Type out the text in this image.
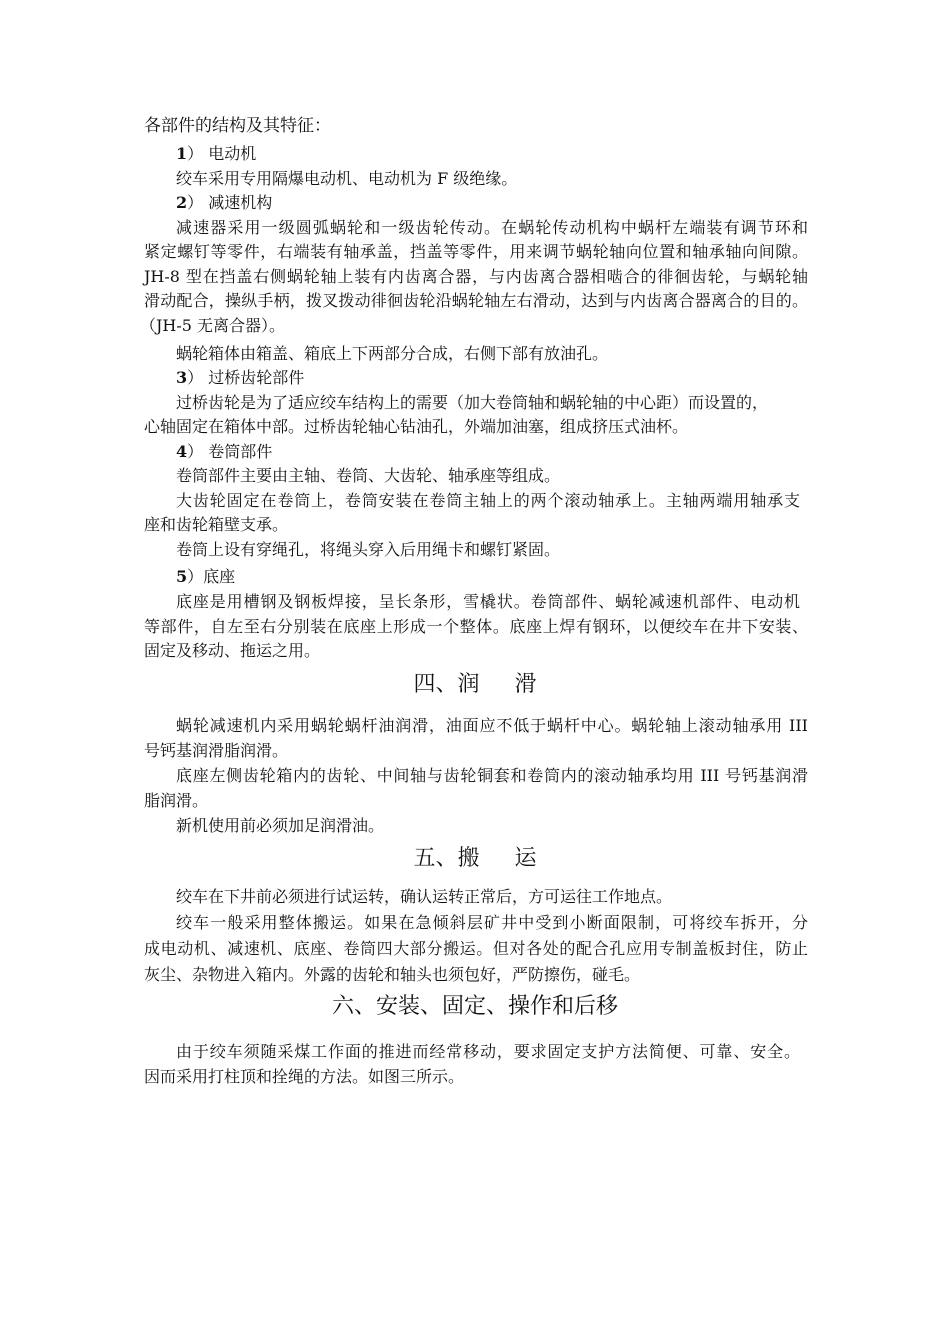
各部件的结构及其特征：
1） 电动机
绞车采用专用隔爆电动机、电动机为 F 级绝缘。
2） 减速机构
减速器采用一级圆弧蜗轮和一级齿轮传动。在蜗轮传动机构中蜗杆左端装有调节环和
紧定螺钉等零件，右端装有轴承盖，挡盖等零件，用来调节蜗轮轴向位置和轴承轴向间隙。
JH-8 型在挡盖右侧蜗轮轴上装有内齿离合器，与内齿离合器相啮合的徘徊齿轮，与蜗轮轴
滑动配合，操纵手柄，拨叉拨动徘徊齿轮沿蜗轮轴左右滑动，达到与内齿离合器离合的目的。
（JH-5 无离合器）。
蜗轮箱体由箱盖、箱底上下两部分合成，右侧下部有放油孔。
3） 过桥齿轮部件
过桥齿轮是为了适应绞车结构上的需要（加大卷筒轴和蜗轮轴的中心距）而设置的，
心轴固定在箱体中部。过桥齿轮轴心钻油孔，外端加油塞，组成挤压式油杯。
4） 卷筒部件
卷筒部件主要由主轴、卷筒、大齿轮、轴承座等组成。
大齿轮固定在卷筒上，卷筒安装在卷筒主轴上的两个滚动轴承上。主轴两端用轴承支
座和齿轮箱壁支承。
卷筒上设有穿绳孔，将绳头穿入后用绳卡和螺钉紧固。
5）底座
底座是用槽钢及钢板焊接，呈长条形，雪橇状。卷筒部件、蜗轮减速机部件、电动机
等部件，自左至右分别装在底座上形成一个整体。底座上焊有钢环，以便绞车在井下安装、
固定及移动、拖运之用。
四、润     滑
蜗轮减速机内采用蜗轮蜗杆油润滑，油面应不低于蜗杆中心。蜗轮轴上滚动轴承用 III
号钙基润滑脂润滑。
底座左侧齿轮箱内的齿轮、中间轴与齿轮铜套和卷筒内的滚动轴承均用 III 号钙基润滑
脂润滑。
新机使用前必须加足润滑油。
五、搬     运
绞车在下井前必须进行试运转，确认运转正常后，方可运往工作地点。
绞车一般采用整体搬运。如果在急倾斜层矿井中受到小断面限制，可将绞车拆开，分
成电动机、减速机、底座、卷筒四大部分搬运。但对各处的配合孔应用专制盖板封住，防止
灰尘、杂物进入箱内。外露的齿轮和轴头也须包好，严防擦伤，碰毛。
六、安装、固定、操作和后移
由于绞车须随采煤工作面的推进而经常移动，要求固定支护方法简便、可靠、安全。
因而采用打柱顶和拴绳的方法。如图三所示。
